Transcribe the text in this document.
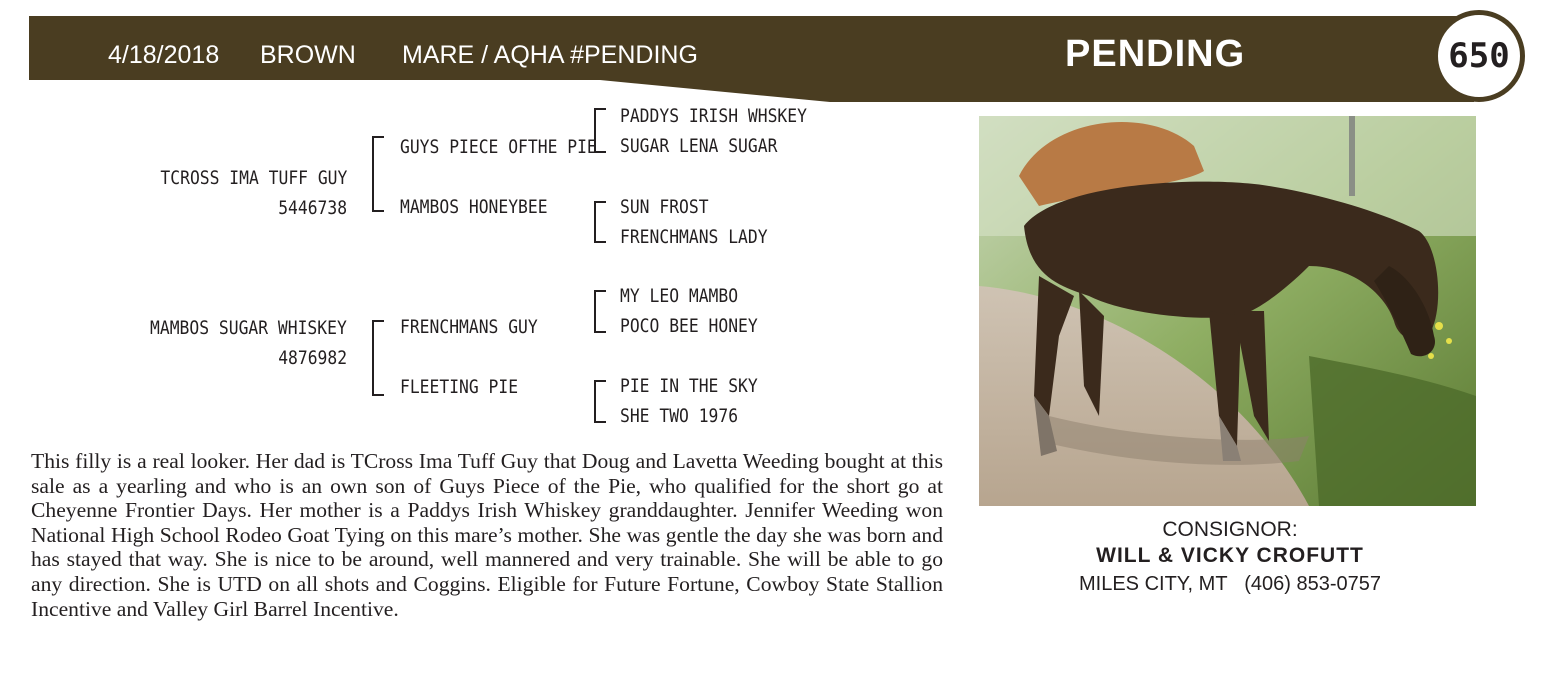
4/18/2018 BROWN MARE / AQHA #PENDING	PENDING	650
TCROSS IMA TUFF GUY
5446738
GUYS PIECE OFTHE PIE
MAMBOS HONEYBEE
PADDYS IRISH WHSKEY
SUGAR LENA SUGAR
SUN FROST
FRENCHMANS LADY
MAMBOS SUGAR WHISKEY
4876982
FRENCHMANS GUY
FLEETING PIE
MY LEO MAMBO
POCO BEE HONEY
PIE IN THE SKY
SHE TWO 1976
CONSIGNOR:
WILL & VICKY CROFUTT
MILES CITY, MT (406) 853-0757
This filly is a real looker. Her dad is TCross Ima Tuff Guy that Doug and Lavetta Weeding bought at this sale as a yearling and who is an own son of Guys Piece of the Pie, who qualified for the short go at Cheyenne Frontier Days. Her mother is a Paddys Irish Whiskey granddaughter. Jennifer Weeding won National High School Rodeo Goat Tying on this mare’s mother. She was gentle the day she was born and has stayed that way. She is nice to be around, well mannered and very trainable. She will be able to go any direction. She is UTD on all shots and Coggins. Eligible for Future Fortune, Cowboy State Stallion Incentive and Valley Girl Barrel Incentive.
